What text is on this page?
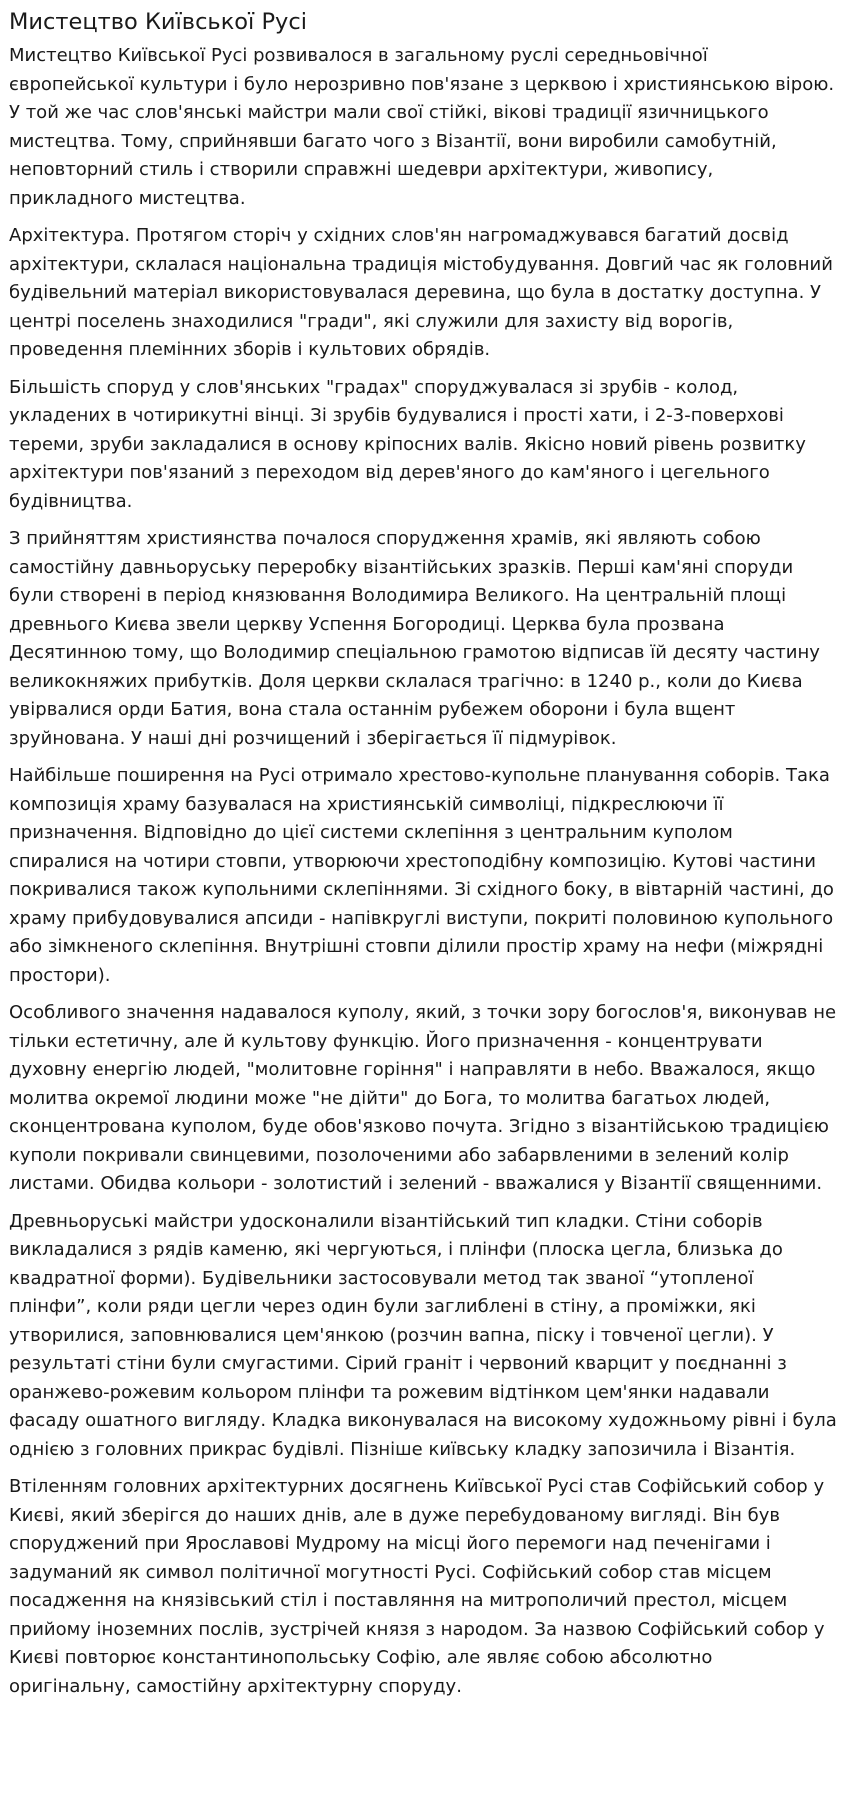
Мистецтво Київської Русі

Мистецтво Київської Русі розвивалося в загальному руслі середньовічної європейської культури і було нерозривно пов'язане з церквою і християнською вірою. У той же час слов'янські майстри мали свої стійкі, вікові традиції язичницького мистецтва. Тому, сприйнявши багато чого з Візантії, вони виробили самобутній, неповторний стиль і створили справжні шедеври архітектури, живопису, прикладного мистецтва.

Архітектура. Протягом сторіч у східних слов'ян нагромаджувався багатий досвід архітектури, склалася національна традиція містобудування. Довгий час як головний будівельний матеріал використовувалася деревина, що була в достатку доступна. У центрі поселень знаходилися "гради", які служили для захисту від ворогів, проведення племінних зборів і культових обрядів.

Більшість споруд у слов'янських "градах" споруджувалася зі зрубів - колод, укладених в чотирикутні вінці. Зі зрубів будувалися і прості хати, і 2-3-поверхові тереми, зруби закладалися в основу кріпосних валів. Якісно новий рівень розвитку архітектури пов'язаний з переходом від дерев'яного до кам'яного і цегельного будівництва.

З прийняттям християнства почалося спорудження храмів, які являють собою самостійну давньоруську переробку візантійських зразків. Перші кам'яні споруди були створені в період князювання Володимира Великого. На центральній площі древнього Києва звели церкву Успення Богородиці. Церква була прозвана Десятинною тому, що Володимир спеціальною грамотою відписав їй десяту частину великокняжих прибутків. Доля церкви склалася трагічно: в 1240 р., коли до Києва увірвалися орди Батия, вона стала останнім рубежем оборони і була вщент зруйнована. У наші дні розчищений і зберігається її підмурівок.

Найбільше поширення на Русі отримало хрестово-купольне планування соборів. Така композиція храму базувалася на християнській символіці, підкреслюючи її призначення. Відповідно до цієї системи склепіння з центральним куполом спиралися на чотири стовпи, утворюючи хрестоподібну композицію. Кутові частини покривалися також купольними склепіннями. Зі східного боку, в вівтарній частині, до храму прибудовувалися апсиди - напівкруглі виступи, покриті половиною купольного або зімкненого склепіння. Внутрішні стовпи ділили простір храму на нефи (міжрядні простори).

Особливого значення надавалося куполу, який, з точки зору богослов'я, виконував не тільки естетичну, але й культову функцію. Його призначення - концентрувати духовну енергію людей, "молитовне горіння" і направляти в небо. Вважалося, якщо молитва окремої людини може "не дійти" до Бога, то молитва багатьох людей, сконцентрована куполом, буде обов'язково почута. Згідно з візантійською традицією куполи покривали свинцевими, позолоченими або забарвленими в зелений колір листами. Обидва кольори - золотистий і зелений - вважалися у Візантії священними.

Древньоруські майстри удосконалили візантійський тип кладки. Стіни соборів викладалися з рядів каменю, які чергуються, і плінфи (плоска цегла, близька до квадратної форми). Будівельники застосовували метод так званої “утопленої плінфи”, коли ряди цегли через один були заглиблені в стіну, а проміжки, які утворилися, заповнювалися цем'янкою (розчин вапна, піску і товченої цегли). У результаті стіни були смугастими. Сірий граніт і червоний кварцит у поєднанні з оранжево-рожевим кольором плінфи та рожевим відтінком цем'янки надавали фасаду ошатного вигляду. Кладка виконувалася на високому художньому рівні і була однією з головних прикрас будівлі. Пізніше київську кладку запозичила і Візантія.

Втіленням головних архітектурних досягнень Київської Русі став Софійський собор у Києві, який зберігся до наших днів, але в дуже перебудованому вигляді. Він був споруджений при Ярославові Мудрому на місці його перемоги над печенігами і задуманий як символ політичної могутності Русі. Софійський собор став місцем посадження на князівський стіл і поставляння на митрополичий престол, місцем прийому іноземних послів, зустрічей князя з народом. За назвою Софійський собор у Києві повторює константинопольську Софію, але являє собою абсолютно оригінальну, самостійну архітектурну споруду.
